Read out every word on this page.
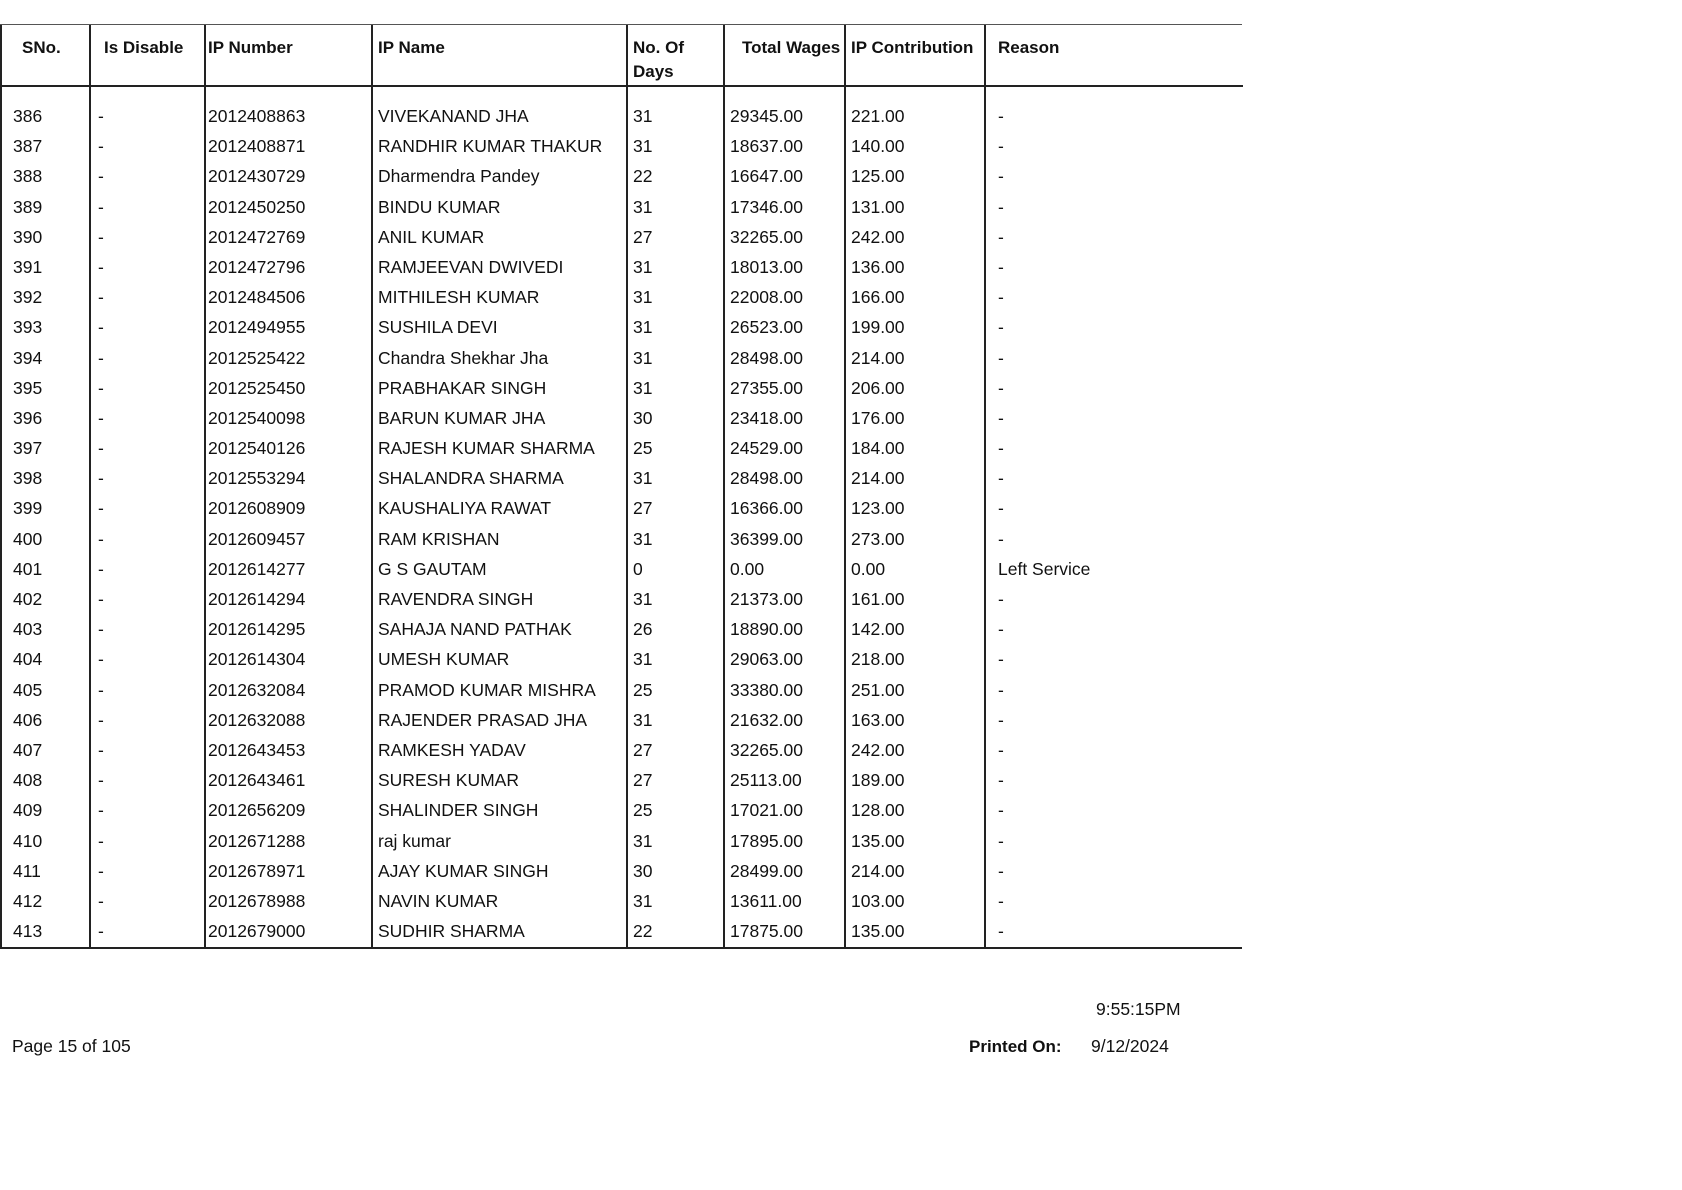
SNo.	Is Disable	IP Number	IP Name	No. Of Days	Total Wages	IP Contribution	Reason
386	-	2012408863	VIVEKANAND JHA	31	29345.00	221.00	-
387	-	2012408871	RANDHIR KUMAR THAKUR	31	18637.00	140.00	-
388	-	2012430729	Dharmendra Pandey	22	16647.00	125.00	-
389	-	2012450250	BINDU KUMAR	31	17346.00	131.00	-
390	-	2012472769	ANIL KUMAR	27	32265.00	242.00	-
391	-	2012472796	RAMJEEVAN DWIVEDI	31	18013.00	136.00	-
392	-	2012484506	MITHILESH KUMAR	31	22008.00	166.00	-
393	-	2012494955	SUSHILA DEVI	31	26523.00	199.00	-
394	-	2012525422	Chandra Shekhar Jha	31	28498.00	214.00	-
395	-	2012525450	PRABHAKAR SINGH	31	27355.00	206.00	-
396	-	2012540098	BARUN KUMAR JHA	30	23418.00	176.00	-
397	-	2012540126	RAJESH KUMAR SHARMA	25	24529.00	184.00	-
398	-	2012553294	SHALANDRA SHARMA	31	28498.00	214.00	-
399	-	2012608909	KAUSHALIYA RAWAT	27	16366.00	123.00	-
400	-	2012609457	RAM KRISHAN	31	36399.00	273.00	-
401	-	2012614277	G S GAUTAM	0	0.00	0.00	Left Service
402	-	2012614294	RAVENDRA SINGH	31	21373.00	161.00	-
403	-	2012614295	SAHAJA NAND PATHAK	26	18890.00	142.00	-
404	-	2012614304	UMESH KUMAR	31	29063.00	218.00	-
405	-	2012632084	PRAMOD KUMAR MISHRA	25	33380.00	251.00	-
406	-	2012632088	RAJENDER PRASAD JHA	31	21632.00	163.00	-
407	-	2012643453	RAMKESH YADAV	27	32265.00	242.00	-
408	-	2012643461	SURESH KUMAR	27	25113.00	189.00	-
409	-	2012656209	SHALINDER SINGH	25	17021.00	128.00	-
410	-	2012671288	raj kumar	31	17895.00	135.00	-
411	-	2012678971	AJAY KUMAR SINGH	30	28499.00	214.00	-
412	-	2012678988	NAVIN KUMAR	31	13611.00	103.00	-
413	-	2012679000	SUDHIR SHARMA	22	17875.00	135.00	-
9:55:15PM
Page 15 of 105	Printed On: 9/12/2024
